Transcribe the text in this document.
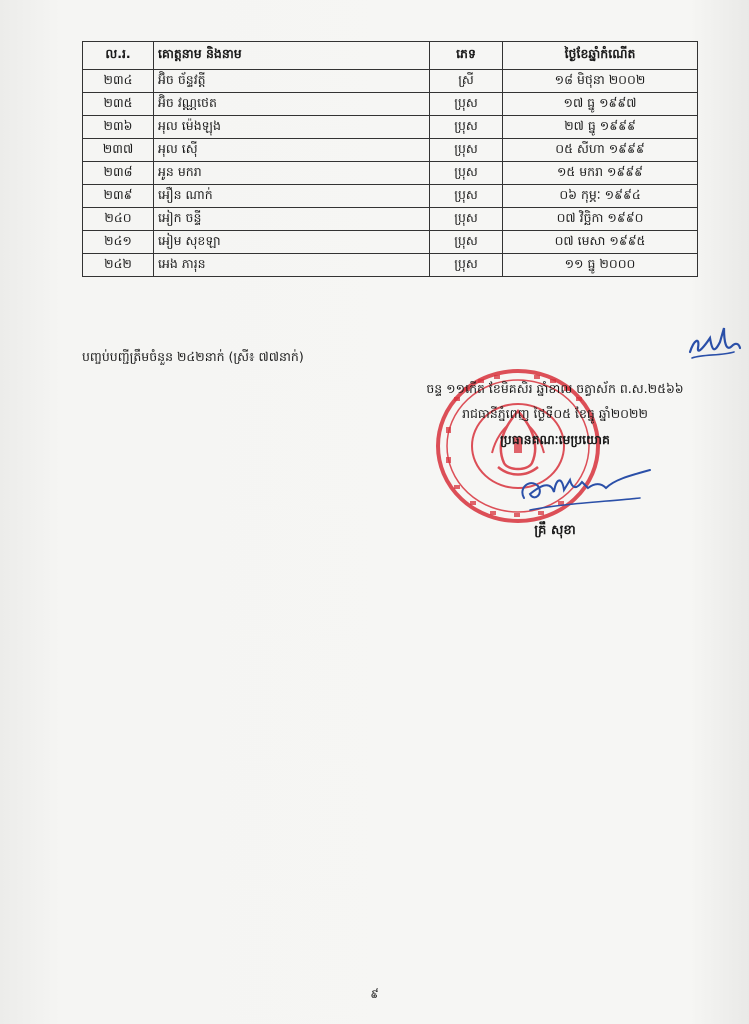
ល.រ.	គោត្តនាម និងនាម	ភេទ	ថ្ងៃខែឆ្នាំកំណើត
២៣៤	អ៊ិច ច័ន្ទវត្តី	ស្រី	១៨ មិថុនា ២០០២
២៣៥	អ៊ិច វណ្ណថេត	ប្រុស	១៧ ធ្នូ ១៩៩៧
២៣៦	អុល ម៉េងឡុង	ប្រុស	២៧ ធ្នូ ១៩៩៩
២៣៧	អុល ស៊ើ	ប្រុស	០៥ សីហា ១៩៩៩
២៣៨	អូន មករា	ប្រុស	១៥ មករា ១៩៩៩
២៣៩	អឿន ណាក់	ប្រុស	០៦ កុម្ភៈ ១៩៩៤
២៤០	អៀក ចន្ទី	ប្រុស	០៧ វិច្ឆិកា ១៩៩០
២៤១	អៀម សុខឡា	ប្រុស	០៧ មេសា ១៩៩៥
២៤២	អេង ភារុន	ប្រុស	១១ ធ្នូ ២០០០
បញ្ចប់បញ្ជីត្រឹមចំនួន ២៤២នាក់ (ស្រី៖ ៧៧នាក់)
ចន្ទ ១១កើត ខែមិគសិរ ឆ្នាំខាល ចត្វាស័ក ព.ស.២៥៦៦
រាជធានីភ្នំពេញ ថ្ងៃទី០៥ ខែធ្នូ ឆ្នាំ២០២២
ប្រធានគណៈមេប្រយោគ
គ្រឹ សុខា
៩
